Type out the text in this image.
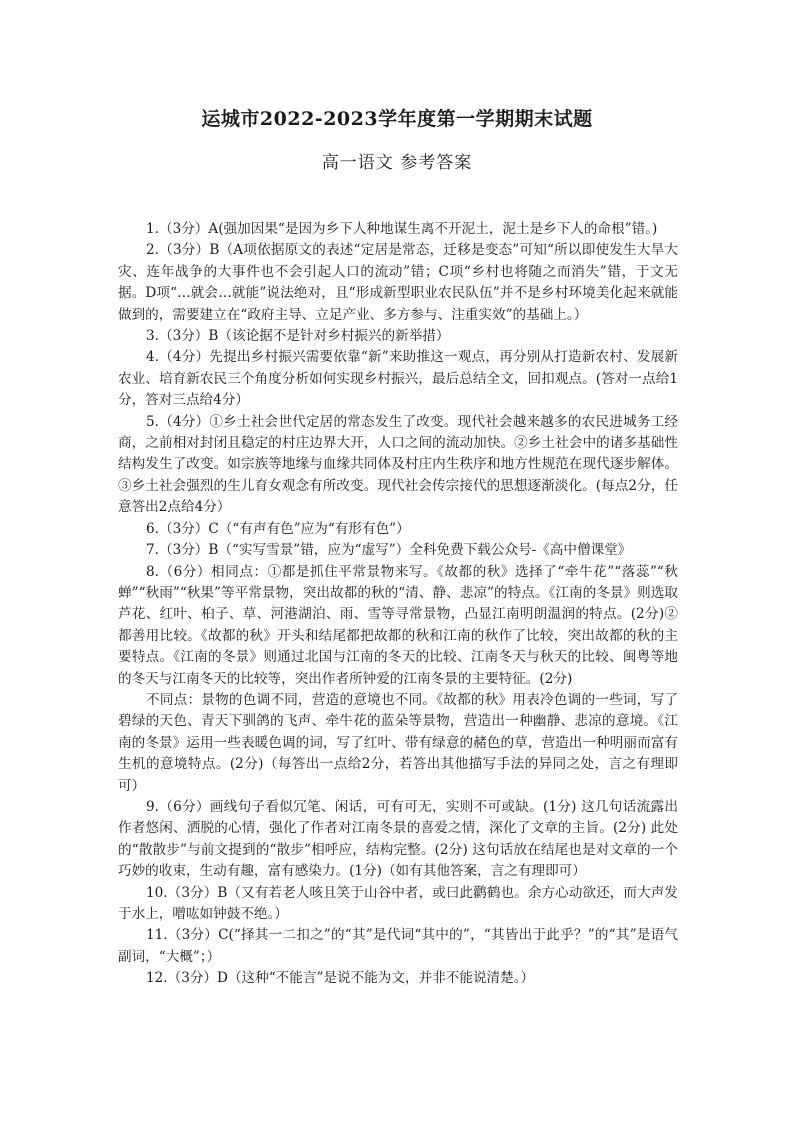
运城市2022-2023学年度第一学期期末试题
高一语文 参考答案

1.（3分）A(强加因果“是因为乡下人种地谋生离不开泥土，泥土是乡下人的命根”错。)

2.（3分）B（A项依据原文的表述“定居是常态，迁移是变态”可知“所以即使发生大旱大灾、连年战争的大事件也不会引起人口的流动”错；C项“乡村也将随之而消失”错，于文无据。D项“…就会…就能”说法绝对，且“形成新型职业农民队伍”并不是乡村环境美化起来就能做到的，需要建立在“政府主导、立足产业、多方参与、注重实效”的基础上。）

3.（3分）B（该论据不是针对乡村振兴的新举措）

4.（4分）先提出乡村振兴需要依靠“新”来助推这一观点，再分别从打造新农村、发展新农业、培育新农民三个角度分析如何实现乡村振兴，最后总结全文，回扣观点。(答对一点给1分，答对三点给4分）

5.（4分）①乡土社会世代定居的常态发生了改变。现代社会越来越多的农民进城务工经商，之前相对封闭且稳定的村庄边界大开，人口之间的流动加快。②乡土社会中的诸多基础性结构发生了改变。如宗族等地缘与血缘共同体及村庄内生秩序和地方性规范在现代逐步解体。③乡土社会强烈的生儿育女观念有所改变。现代社会传宗接代的思想逐渐淡化。(每点2分，任意答出2点给4分）

6.（3分）C（“有声有色”应为“有形有色”）

7.（3分）B（“实写雪景”错，应为“虚写”）全科免费下载公众号-《高中僧课堂》

8.（6分）相同点：①都是抓住平常景物来写。《故都的秋》选择了“牵牛花”“落蕊”“秋蝉”“秋雨”“秋果”等平常景物，突出故都的秋的“清、静、悲凉”的特点。《江南的冬景》则选取芦花、红叶、桕子、草、河港湖泊、雨、雪等寻常景物，凸显江南明朗温润的特点。(2分)②都善用比较。《故都的秋》开头和结尾都把故都的秋和江南的秋作了比较，突出故都的秋的主要特点。《江南的冬景》则通过北国与江南的冬天的比较、江南冬天与秋天的比较、闽粤等地的冬天与江南冬天的比较等，突出作者所钟爱的江南冬景的主要特征。(2分)

不同点：景物的色调不同，营造的意境也不同。《故都的秋》用表冷色调的一些词，写了碧绿的天色、青天下驯鸽的飞声、牵牛花的蓝朵等景物，营造出一种幽静、悲凉的意境。《江南的冬景》运用一些表暖色调的词，写了红叶、带有绿意的赭色的草，营造出一种明丽而富有生机的意境特点。(2分)（每答出一点给2分，若答出其他描写手法的异同之处，言之有理即可）

9.（6分）画线句子看似冗笔、闲话，可有可无，实则不可或缺。(1分) 这几句话流露出作者悠闲、洒脱的心情，强化了作者对江南冬景的喜爱之情，深化了文章的主旨。(2分) 此处的“散散步”与前文提到的“散步”相呼应，结构完整。(2分) 这句话放在结尾也是对文章的一个巧妙的收束，生动有趣，富有感染力。(1分)（如有其他答案，言之有理即可）

10.（3分）B（又有若老人咳且笑于山谷中者，或曰此鹳鹤也。余方心动欲还，而大声发于水上，噌吰如钟鼓不绝。）

11.（3分）C(“择其一二扣之”的“其”是代词“其中的”，“其皆出于此乎？”的“其”是语气副词，“大概”；）

12.（3分）D（这种“不能言”是说不能为文，并非不能说清楚。）
